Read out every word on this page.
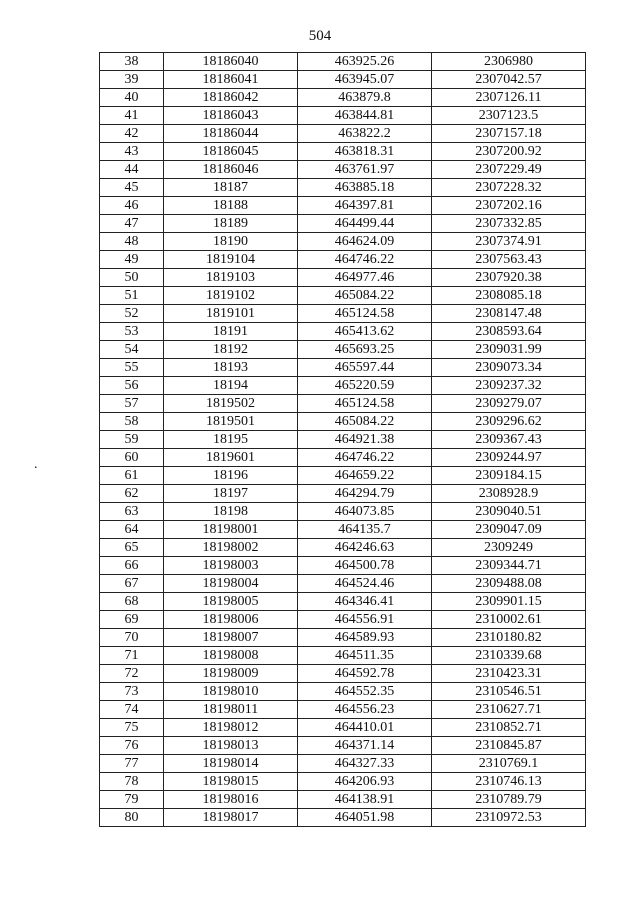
504
.
38	18186040	463925.26	2306980
39	18186041	463945.07	2307042.57
40	18186042	463879.8	2307126.11
41	18186043	463844.81	2307123.5
42	18186044	463822.2	2307157.18
43	18186045	463818.31	2307200.92
44	18186046	463761.97	2307229.49
45	18187	463885.18	2307228.32
46	18188	464397.81	2307202.16
47	18189	464499.44	2307332.85
48	18190	464624.09	2307374.91
49	1819104	464746.22	2307563.43
50	1819103	464977.46	2307920.38
51	1819102	465084.22	2308085.18
52	1819101	465124.58	2308147.48
53	18191	465413.62	2308593.64
54	18192	465693.25	2309031.99
55	18193	465597.44	2309073.34
56	18194	465220.59	2309237.32
57	1819502	465124.58	2309279.07
58	1819501	465084.22	2309296.62
59	18195	464921.38	2309367.43
60	1819601	464746.22	2309244.97
61	18196	464659.22	2309184.15
62	18197	464294.79	2308928.9
63	18198	464073.85	2309040.51
64	18198001	464135.7	2309047.09
65	18198002	464246.63	2309249
66	18198003	464500.78	2309344.71
67	18198004	464524.46	2309488.08
68	18198005	464346.41	2309901.15
69	18198006	464556.91	2310002.61
70	18198007	464589.93	2310180.82
71	18198008	464511.35	2310339.68
72	18198009	464592.78	2310423.31
73	18198010	464552.35	2310546.51
74	18198011	464556.23	2310627.71
75	18198012	464410.01	2310852.71
76	18198013	464371.14	2310845.87
77	18198014	464327.33	2310769.1
78	18198015	464206.93	2310746.13
79	18198016	464138.91	2310789.79
80	18198017	464051.98	2310972.53
